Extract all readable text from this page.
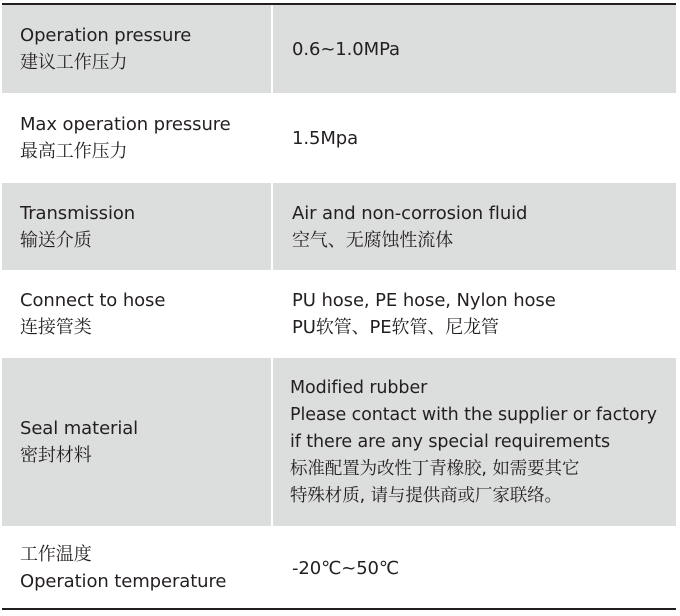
Operation pressure
建议工作压力
0.6~1.0MPa
Max operation pressure
最高工作压力
1.5Mpa
Transmission
输送介质
Air and non-corrosion fluid
空气、无腐蚀性流体
Connect to hose
连接管类
PU hose, PE hose, Nylon hose
PU软管、PE软管、尼龙管
Seal material
密封材料
Modified rubber
Please contact with the supplier or factory
if there are any special requirements
标准配置为改性丁青橡胶, 如需要其它
特殊材质, 请与提供商或厂家联络。
工作温度
Operation temperature
-20℃~50℃
